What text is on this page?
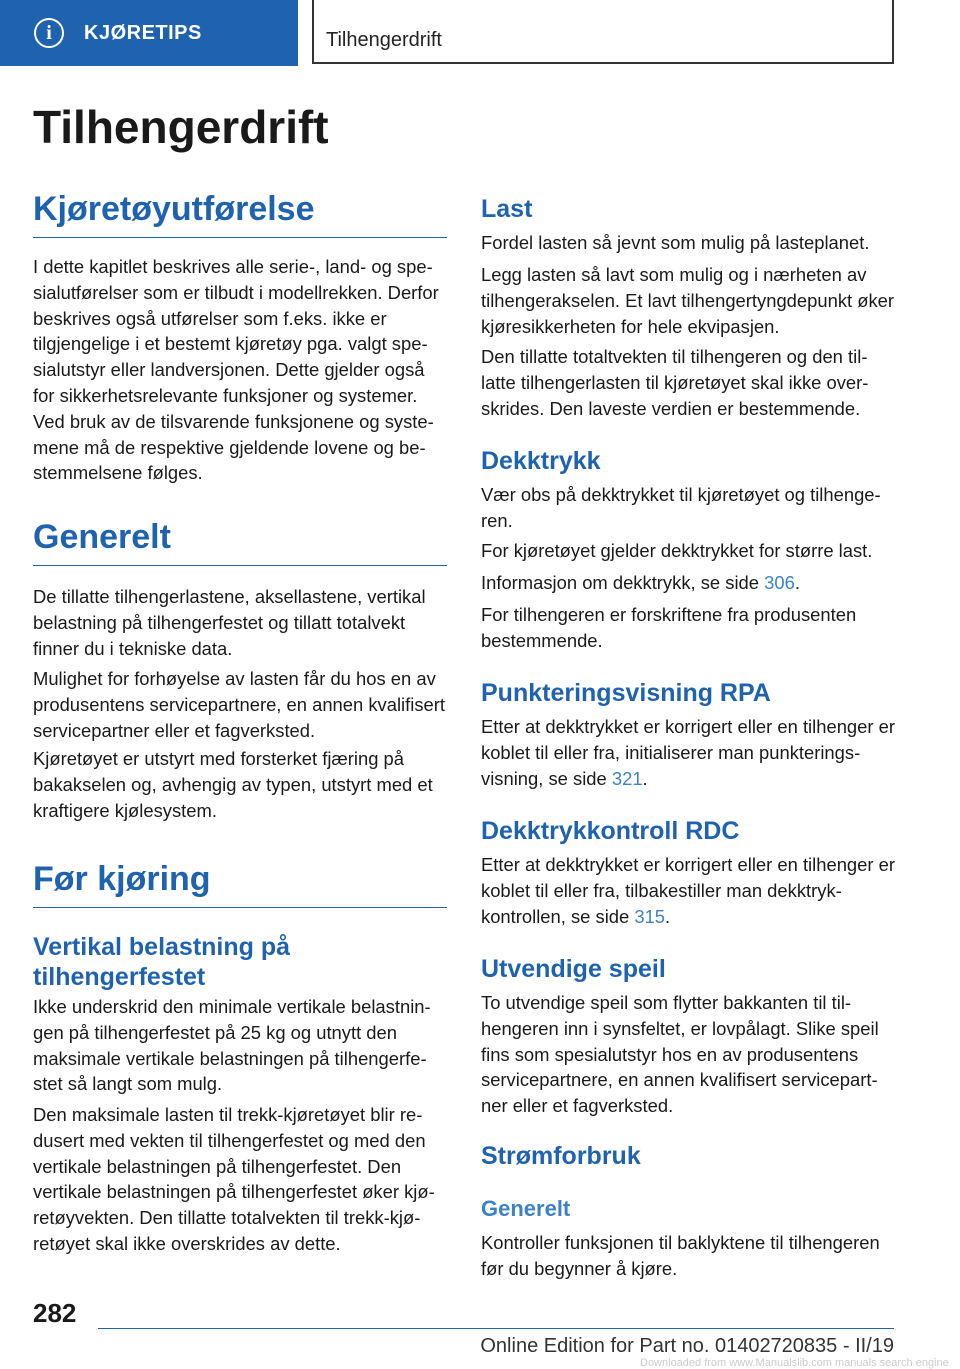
i	KJØRETIPS	Tilhengerdrift
Tilhengerdrift
Kjøretøyutførelse

I dette kapitlet beskrives alle serie-, land- og spesialutførelser som er tilbudt i modellrekken. Derfor beskrives også utførelser som f.eks. ikke er tilgjengelige i et bestemt kjøretøy pga. valgt spesialutstyr eller landversjonen. Dette gjelder også for sikkerhetsrelevante funksjoner og systemer. Ved bruk av de tilsvarende funksjonene og systemene må de respektive gjeldende lovene og bestemmelsene følges.

Generelt

De tillatte tilhengerlastene, aksellastene, vertikal belastning på tilhengerfestet og tillatt totalvekt finner du i tekniske data.

Mulighet for forhøyelse av lasten får du hos en av produsentens servicepartnere, en annen kvalifisert servicepartner eller et fagverksted.

Kjøretøyet er utstyrt med forsterket fjæring på bakakselen og, avhengig av typen, utstyrt med et kraftigere kjølesystem.

Før kjøring
Vertikal belastning på tilhengerfestet

Ikke underskrid den minimale vertikale belastningen på tilhengerfestet på 25 kg og utnytt den maksimale vertikale belastningen på tilhengerfestet så langt som mulg.

Den maksimale lasten til trekk-kjøretøyet blir redusert med vekten til tilhengerfestet og med den vertikale belastningen på tilhengerfestet. Den vertikale belastningen på tilhengerfestet øker kjøretøyvekten. Den tillatte totalvekten til trekk-kjøretøyet skal ikke overskrides av dette.

Last

Fordel lasten så jevnt som mulig på lasteplanet.

Legg lasten så lavt som mulig og i nærheten av tilhengerakselen. Et lavt tilhengertyngdepunkt øker kjøresikkerheten for hele ekvipasjen.

Den tillatte totaltvekten til tilhengeren og den tillatte tilhengerlasten til kjøretøyet skal ikke overskrides. Den laveste verdien er bestemmende.

Dekktrykk

Vær obs på dekktrykket til kjøretøyet og tilhengeren.

For kjøretøyet gjelder dekktrykket for større last.

Informasjon om dekktrykk, se side 306.

For tilhengeren er forskriftene fra produsenten bestemmende.

Punkteringsvisning RPA

Etter at dekktrykket er korrigert eller en tilhenger er koblet til eller fra, initialiserer man punkteringsvisning, se side 321.

Dekktrykkontroll RDC

Etter at dekktrykket er korrigert eller en tilhenger er koblet til eller fra, tilbakestiller man dekktrykkontrollen, se side 315.

Utvendige speil

To utvendige speil som flytter bakkanten til tilhengeren inn i synsfeltet, er lovpålagt. Slike speil fins som spesialutstyr hos en av produsentens servicepartnere, en annen kvalifisert servicepartner eller et fagverksted.

Strømforbruk
Generelt

Kontroller funksjonen til baklyktene til tilhengeren før du begynner å kjøre.

282
Online Edition for Part no. 01402720835 - II/19
Downloaded from www.Manualslib.com manuals search engine
